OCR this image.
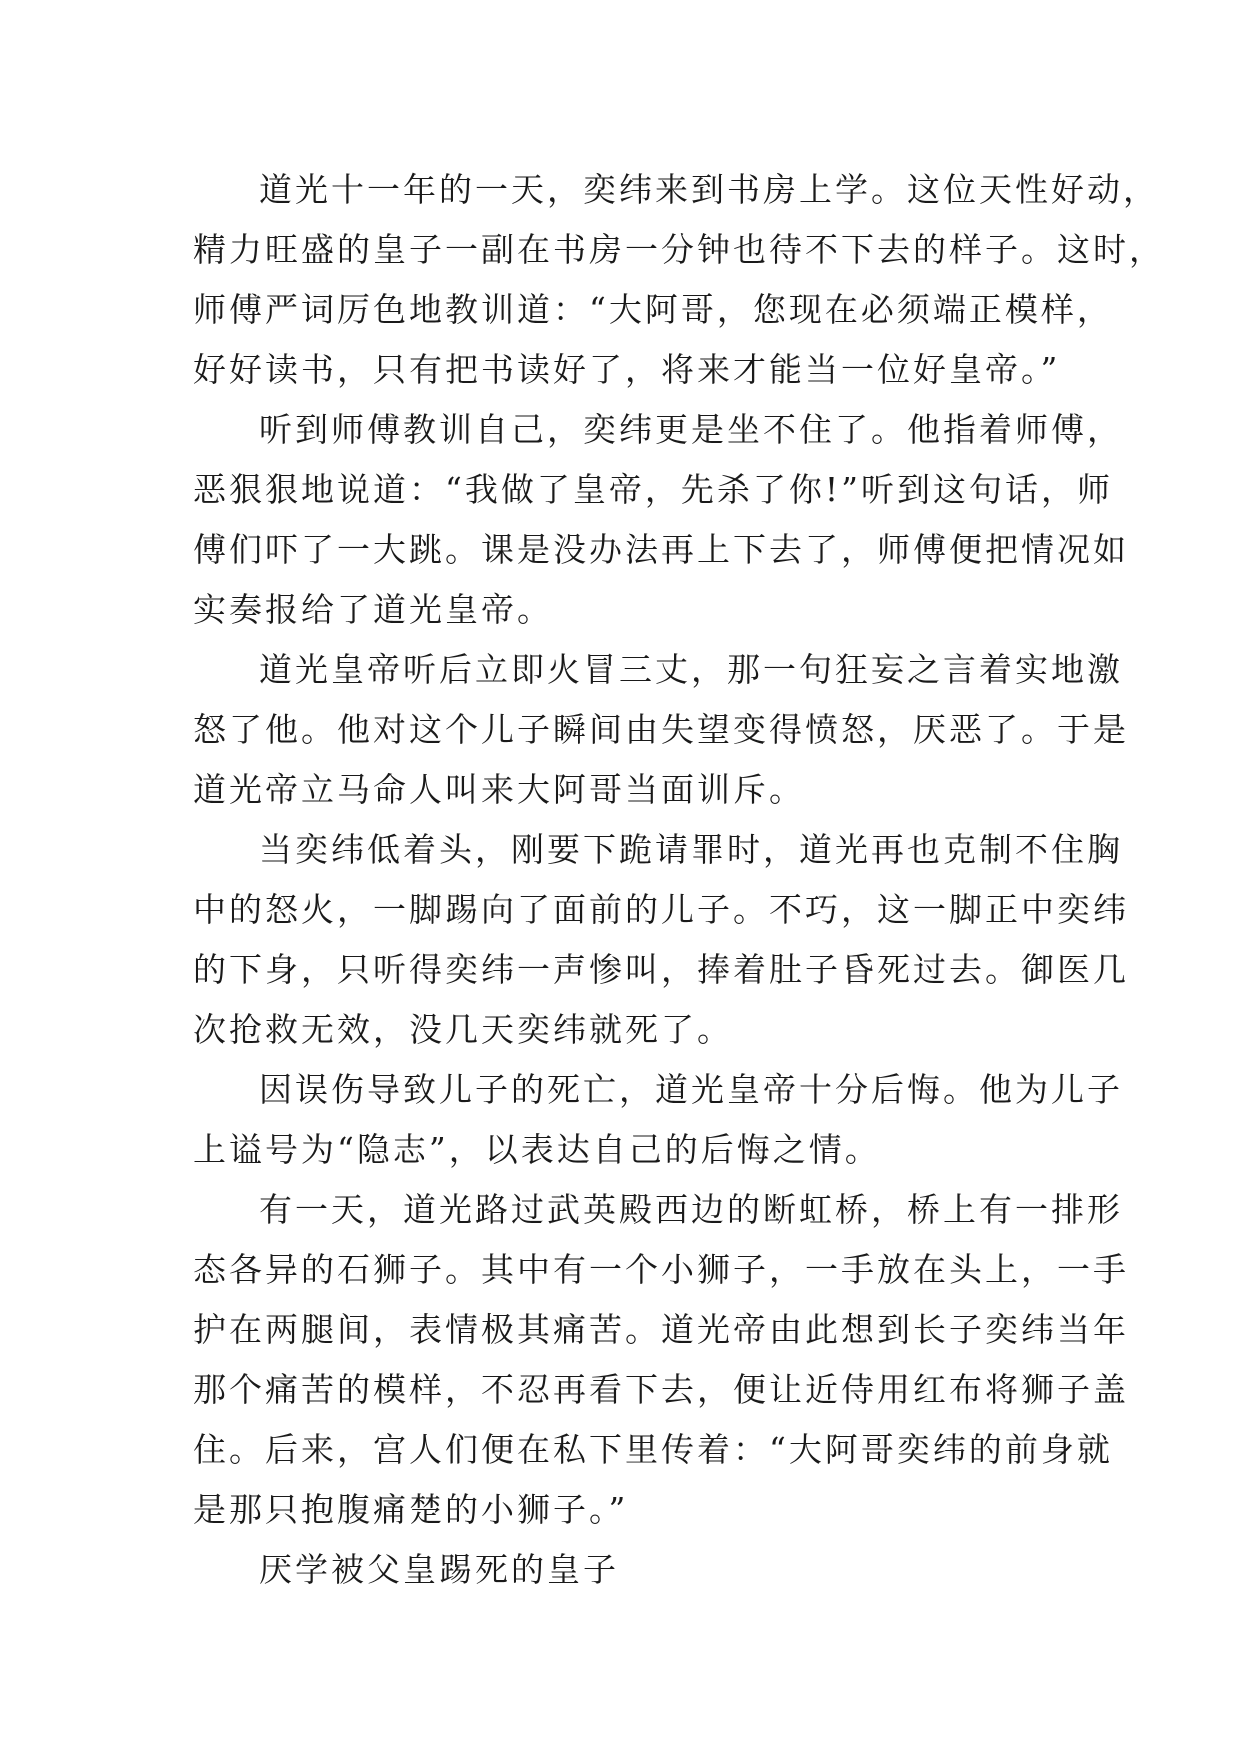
道光十一年的一天，奕纬来到书房上学。这位天性好动，
精力旺盛的皇子一副在书房一分钟也待不下去的样子。这时，
师傅严词厉色地教训道：“大阿哥，您现在必须端正模样，
好好读书，只有把书读好了，将来才能当一位好皇帝。”
听到师傅教训自己，奕纬更是坐不住了。他指着师傅，
恶狠狠地说道：“我做了皇帝，先杀了你!”听到这句话，师
傅们吓了一大跳。课是没办法再上下去了，师傅便把情况如
实奏报给了道光皇帝。
道光皇帝听后立即火冒三丈，那一句狂妄之言着实地激
怒了他。他对这个儿子瞬间由失望变得愤怒，厌恶了。于是
道光帝立马命人叫来大阿哥当面训斥。
当奕纬低着头，刚要下跪请罪时，道光再也克制不住胸
中的怒火，一脚踢向了面前的儿子。不巧，这一脚正中奕纬
的下身，只听得奕纬一声惨叫，捧着肚子昏死过去。御医几
次抢救无效，没几天奕纬就死了。
因误伤导致儿子的死亡，道光皇帝十分后悔。他为儿子
上谥号为“隐志”，以表达自己的后悔之情。
有一天，道光路过武英殿西边的断虹桥，桥上有一排形
态各异的石狮子。其中有一个小狮子，一手放在头上，一手
护在两腿间，表情极其痛苦。道光帝由此想到长子奕纬当年
那个痛苦的模样，不忍再看下去，便让近侍用红布将狮子盖
住。后来，宫人们便在私下里传着：“大阿哥奕纬的前身就
是那只抱腹痛楚的小狮子。”
厌学被父皇踢死的皇子
